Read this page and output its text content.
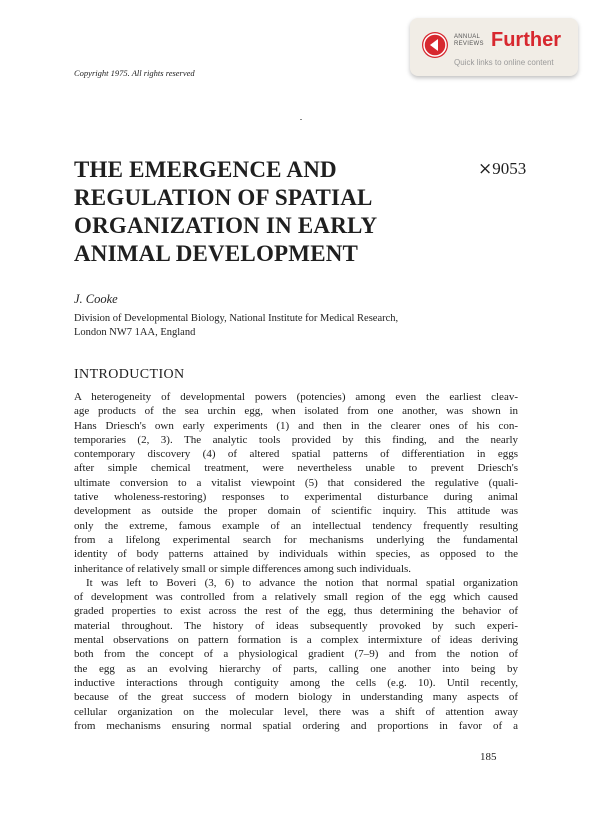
ANNUAL
REVIEWS Further
Quick links to online content
Copyright 1975. All rights reserved
THE EMERGENCE AND REGULATION OF SPATIAL ORGANIZATION IN EARLY ANIMAL DEVELOPMENT
⨯9053
J. Cooke
Division of Developmental Biology, National Institute for Medical Research,
London NW7 1AA, England
INTRODUCTION
A heterogeneity of developmental powers (potencies) among even the earliest cleav-
age products of the sea urchin egg, when isolated from one another, was shown in
Hans Driesch's own early experiments (1) and then in the clearer ones of his con-
temporaries (2, 3). The analytic tools provided by this finding, and the nearly
contemporary discovery (4) of altered spatial patterns of differentiation in eggs
after simple chemical treatment, were nevertheless unable to prevent Driesch's
ultimate conversion to a vitalist viewpoint (5) that considered the regulative (quali-
tative wholeness-restoring) responses to experimental disturbance during animal
development as outside the proper domain of scientific inquiry. This attitude was
only the extreme, famous example of an intellectual tendency frequently resulting
from a lifelong experimental search for mechanisms underlying the fundamental
identity of body patterns attained by individuals within species, as opposed to the
inheritance of relatively small or simple differences among such individuals.
It was left to Boveri (3, 6) to advance the notion that normal spatial organization
of development was controlled from a relatively small region of the egg which caused
graded properties to exist across the rest of the egg, thus determining the behavior of
material throughout. The history of ideas subsequently provoked by such experi-
mental observations on pattern formation is a complex intermixture of ideas deriving
both from the concept of a physiological gradient (7–9) and from the notion of
the egg as an evolving hierarchy of parts, calling one another into being by
inductive interactions through contiguity among the cells (e.g. 10). Until recently,
because of the great success of modern biology in understanding many aspects of
cellular organization on the molecular level, there was a shift of attention away
from mechanisms ensuring normal spatial ordering and proportions in favor of a
185
